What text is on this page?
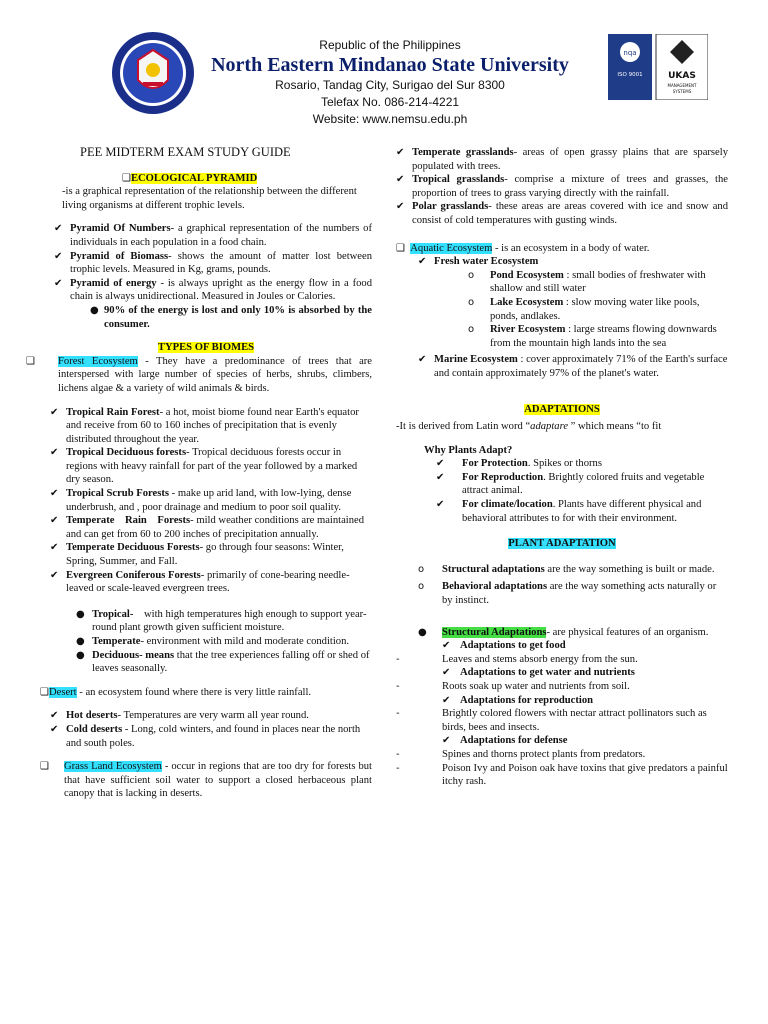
Republic of the Philippines
North Eastern Mindanao State University
Rosario, Tandag City, Surigao del Sur 8300
Telefax No. 086-214-4221
Website: www.nemsu.edu.ph
nqa
ISO 9001	UKAS
MANAGEMENT
SYSTEMS

PEE MIDTERM EXAM STUDY GUIDE

❑ECOLOGICAL PYRAMID

-is a graphical representation of the relationship between the different living organisms at different trophic levels.

✔ Pyramid Of Numbers- a graphical representation of the numbers of individuals in each population in a food chain.

✔ Pyramid of Biomass- shows the amount of matter lost between trophic levels. Measured in Kg, grams, pounds.

✔ Pyramid of energy - is always upright as the energy flow in a food chain is always unidirectional. Measured in Joules or Calories.

● 90% of the energy is lost and only 10% is absorbed by the consumer.

TYPES OF BIOMES

❑ Forest Ecosystem - They have a predominance of trees that are interspersed with large number of species of herbs, shrubs, climbers, lichens algae & a variety of wild animals & birds.

✔ Tropical Rain Forest- a hot, moist biome found near Earth's equator and receive from 60 to 160 inches of precipitation that is evenly distributed throughout the year.

✔ Tropical Deciduous forests- Tropical deciduous forests occur in regions with heavy rainfall for part of the year followed by a marked dry season.

✔ Tropical Scrub Forests - make up arid land, with low-lying, dense underbrush, and , poor drainage and medium to poor soil quality.

✔ Temperate    Rain    Forests- mild weather conditions are maintained and can get from 60 to 200 inches of precipitation annually.

✔ Temperate Deciduous Forests- go through four seasons: Winter, Spring, Summer, and Fall.

✔ Evergreen Coniferous Forests- primarily of cone-bearing needle-leaved or scale-leaved evergreen trees.

● Tropical-    with high temperatures high enough to support year-round plant growth given sufficient moisture.

● Temperate- environment with mild and moderate condition.

● Deciduous- means that the tree experiences falling off or shed of leaves seasonally.

❑Desert - an ecosystem found where there is very little rainfall.

✔ Hot deserts- Temperatures are very warm all year round.

✔ Cold deserts - Long, cold winters, and found in places near the north and south poles.

❑ Grass Land Ecosystem - occur in regions that are too dry for forests but that have sufficient soil water to support a closed herbaceous plant canopy that is lacking in deserts.

✔ Temperate grasslands- areas of open grassy plains that are sparsely populated with trees.

✔ Tropical grasslands- comprise a mixture of trees and grasses, the proportion of trees to grass varying directly with the rainfall.

✔ Polar grasslands- these areas are areas covered with ice and snow and consist of cold temperatures with gusting winds.

❑ Aquatic Ecosystem - is an ecosystem in a body of water.

✔ Fresh water Ecosystem

o Pond Ecosystem : small bodies of freshwater with shallow and still water

o Lake Ecosystem : slow moving water like pools, ponds, andlakes.

o River Ecosystem : large streams flowing downwards from the mountain high lands into the sea

✔ Marine Ecosystem : cover approximately 71% of the Earth's surface and contain approximately 97% of the planet's water.

ADAPTATIONS

-It is derived from Latin word “adaptare ” which means “to fit

Why Plants Adapt?

✔ For Protection. Spikes or thorns

✔ For Reproduction. Brightly colored fruits and vegetable attract animal.

✔ For climate/location. Plants have different physical and behavioral attributes to for with their environment.

PLANT ADAPTATION

o Structural adaptations are the way something is built or made.

o Behavioral adaptations are the way something acts naturally or by instinct.

● Structural Adaptations- are physical features of an organism.

✔ Adaptations to get food

-	Leaves and stems absorb energy from the sun.

✔ Adaptations to get water and nutrients

-	Roots soak up water and nutrients from soil.

✔ Adaptations for reproduction

-	Brightly colored flowers with nectar attract pollinators such as birds, bees and insects.

✔ Adaptations for defense

-	Spines and thorns protect plants from predators.

-	Poison Ivy and Poison oak have toxins that give predators a painful itchy rash.
